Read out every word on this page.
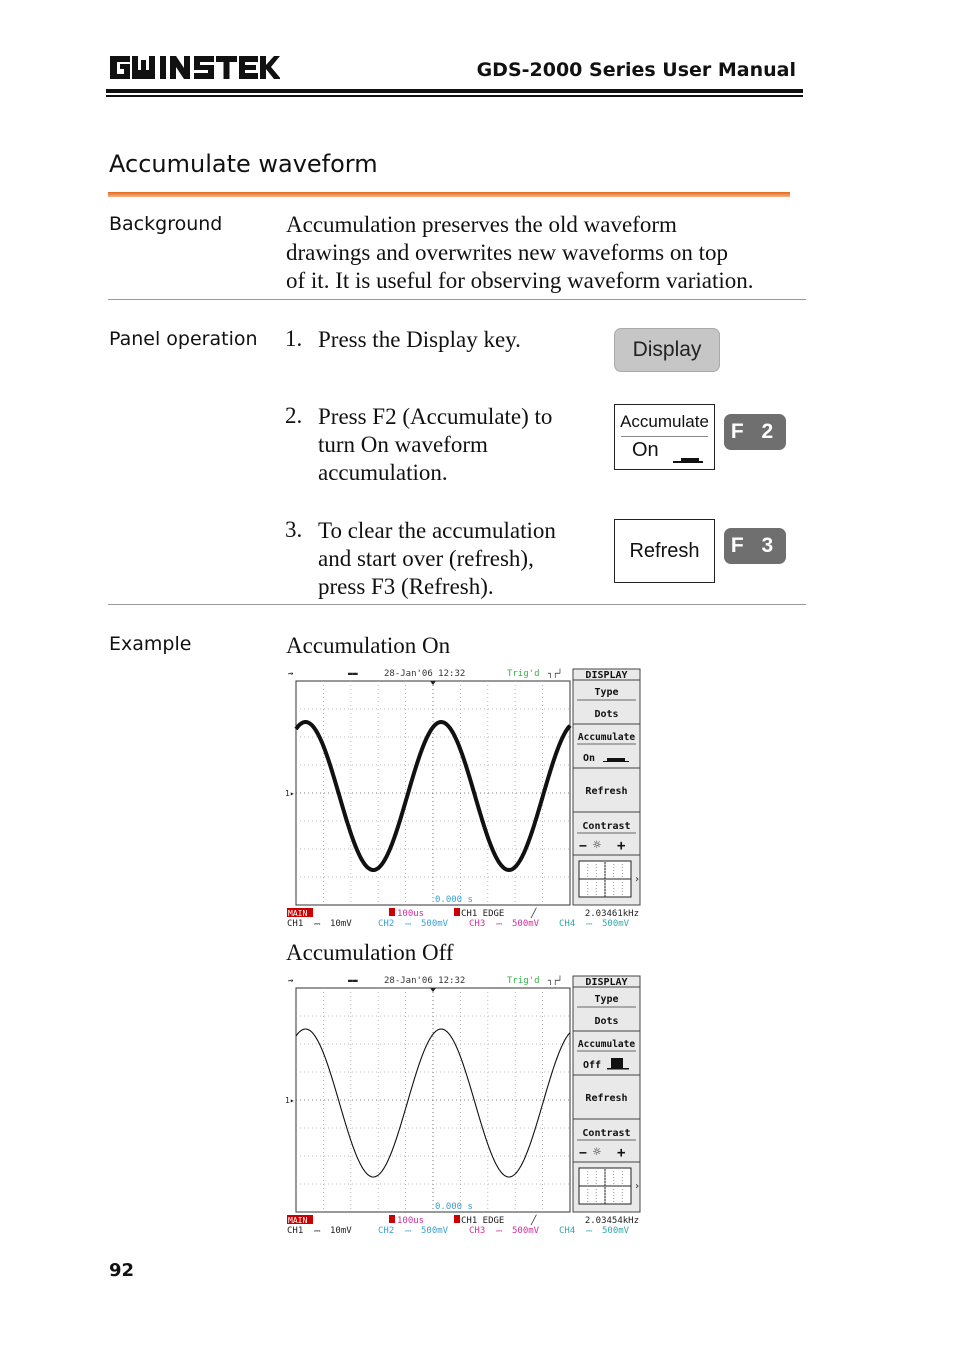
GDS-2000 Series User Manual
Accumulate waveform
Background	Accumulation preserves the old waveform
drawings and overwrites new waveforms on top
of it. It is useful for observing waveform variation.
Panel operation 1. Press the Display key.	Display
2. Press F2 (Accumulate) to
turn On waveform
accumulation.
Accumulate
On
F 2
3. To clear the accumulation
and start over (refresh),
press F3 (Refresh).
Refresh	F 3
Example	Accumulation On
⇝	▬▬	28-Jan'06 12:32	Trig'd ┐┌┘
1▸
0.000 s
DISPLAY
Type
Dots
Accumulate
On
Refresh
Contrast
− ☼ +
›
MAIN	100us	CH1 EDGE	╱	2.03461kHz
CH1 ⎓ 10mV	CH2 ⎓ 500mV CH3 ⎓ 500mV CH4 ⎓ 500mV
Accumulation Off
⇝	▬▬	28-Jan'06 12:32	Trig'd ┐┌┘
1▸
0.000 s
DISPLAY
Type
Dots
Accumulate
Off
Refresh
Contrast
− ☼ +
›
MAIN	100us	CH1 EDGE	╱	2.03454kHz
CH1 ⎓ 10mV	CH2 ⎓ 500mV CH3 ⎓ 500mV CH4 ⎓ 500mV
92
